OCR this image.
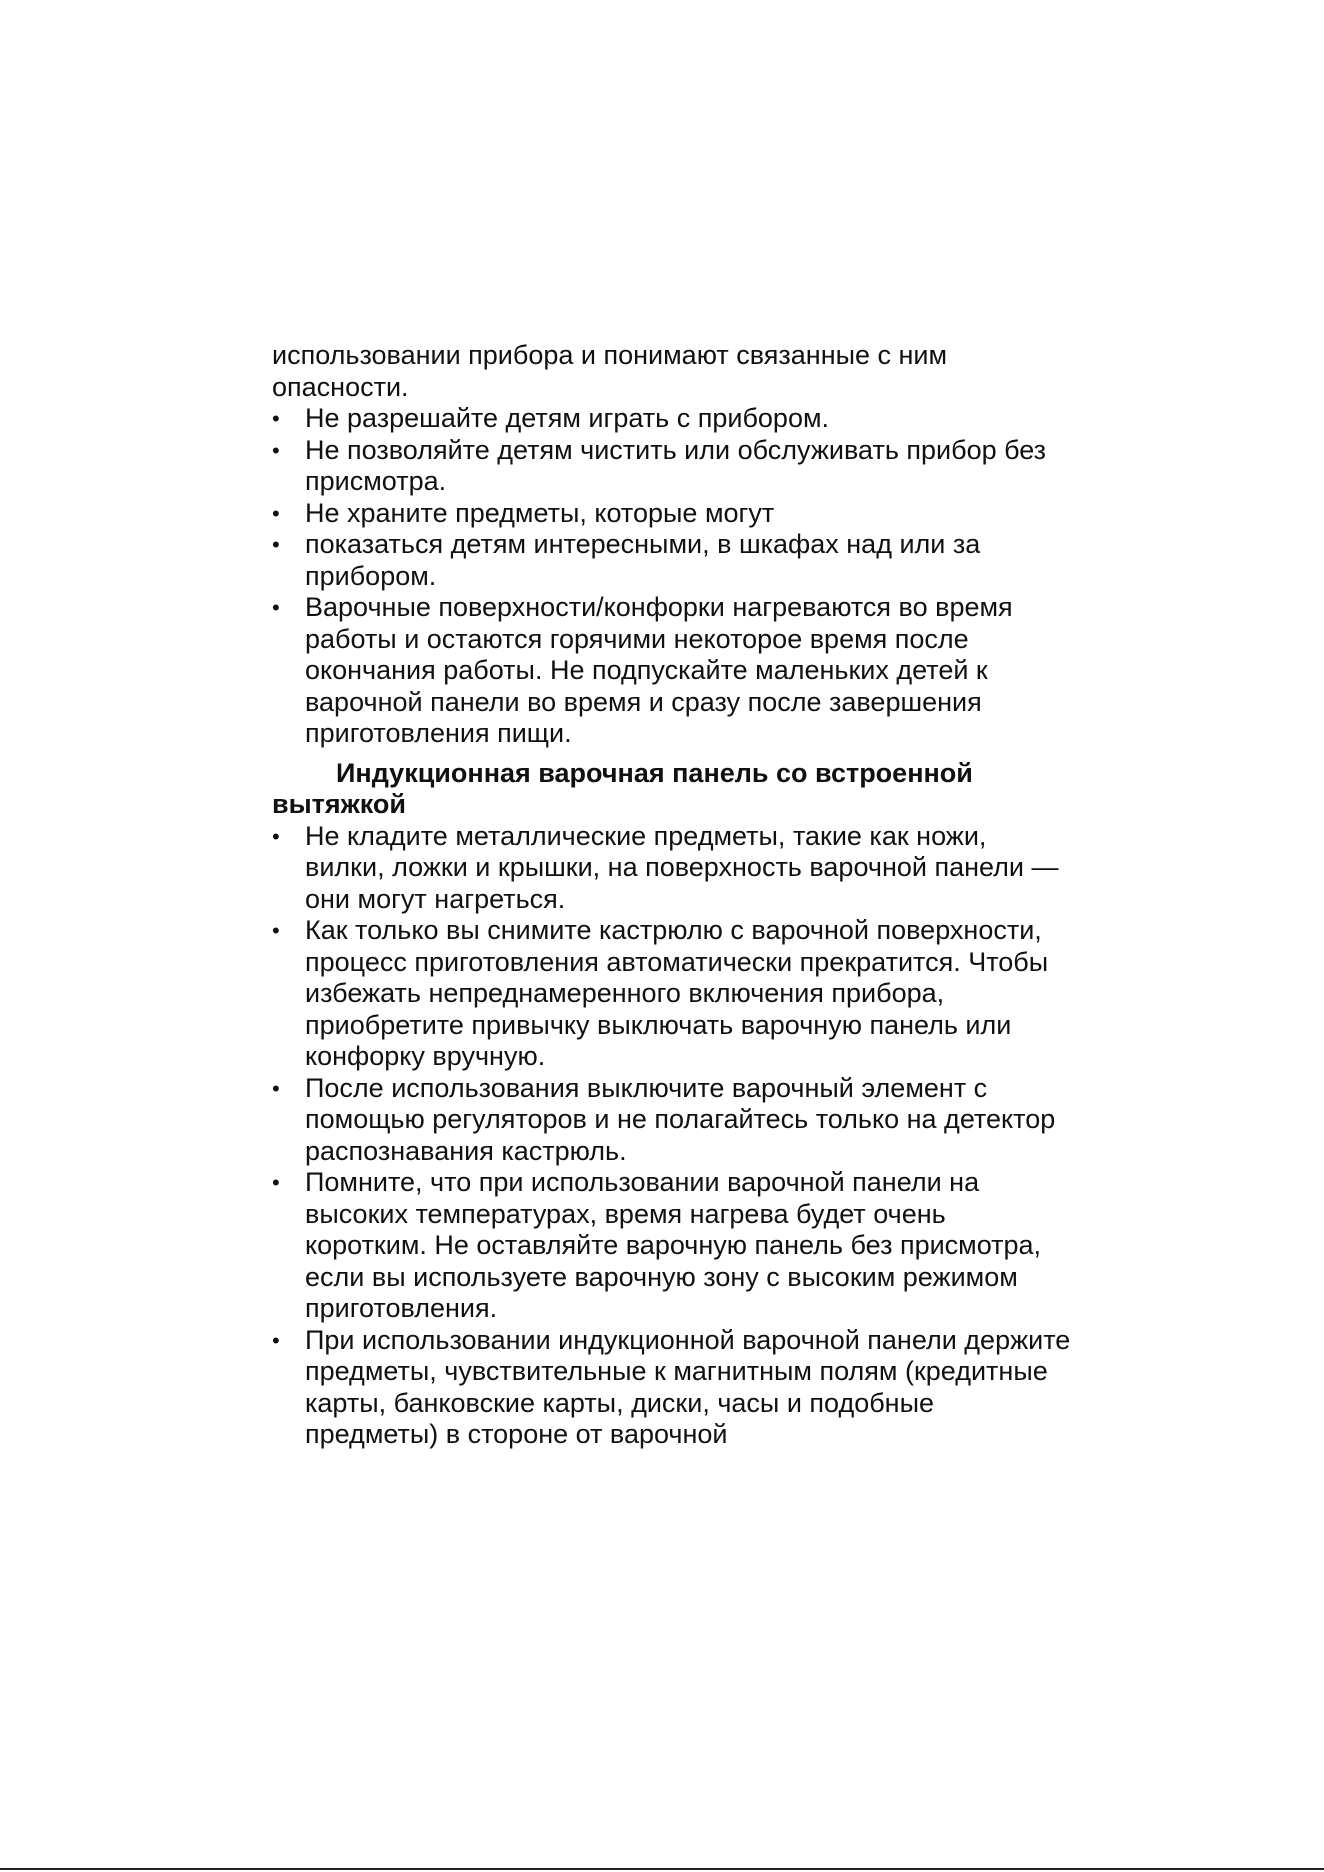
использовании прибора и понимают связанные с ним опасности.

• Не разрешайте детям играть с прибором.
• Не позволяйте детям чистить или обслуживать прибор без присмотра.
• Не храните предметы, которые могут
• показаться детям интересными, в шкафах над или за прибором.
• Варочные поверхности/конфорки нагреваются во время работы и остаются горячими некоторое время после окончания работы. Не подпускайте маленьких детей к варочной панели во время и сразу после завершения приготовления пищи.

Индукционная варочная панель со встроенной вытяжкой

• Не кладите металлические предметы, такие как ножи, вилки, ложки и крышки, на поверхность варочной панели — они могут нагреться.
• Как только вы снимите кастрюлю с варочной поверхности, процесс приготовления автоматически прекратится. Чтобы избежать непреднамеренного включения прибора, приобретите привычку выключать варочную панель или конфорку вручную.
• После использования выключите варочный элемент с помощью регуляторов и не полагайтесь только на детектор распознавания кастрюль.
• Помните, что при использовании варочной панели на высоких температурах, время нагрева будет очень коротким. Не оставляйте варочную панель без присмотра, если вы используете варочную зону с высоким режимом приготовления.
• При использовании индукционной варочной панели держите предметы, чувствительные к магнитным полям (кредитные карты, банковские карты, диски, часы и подобные предметы) в стороне от варочной
